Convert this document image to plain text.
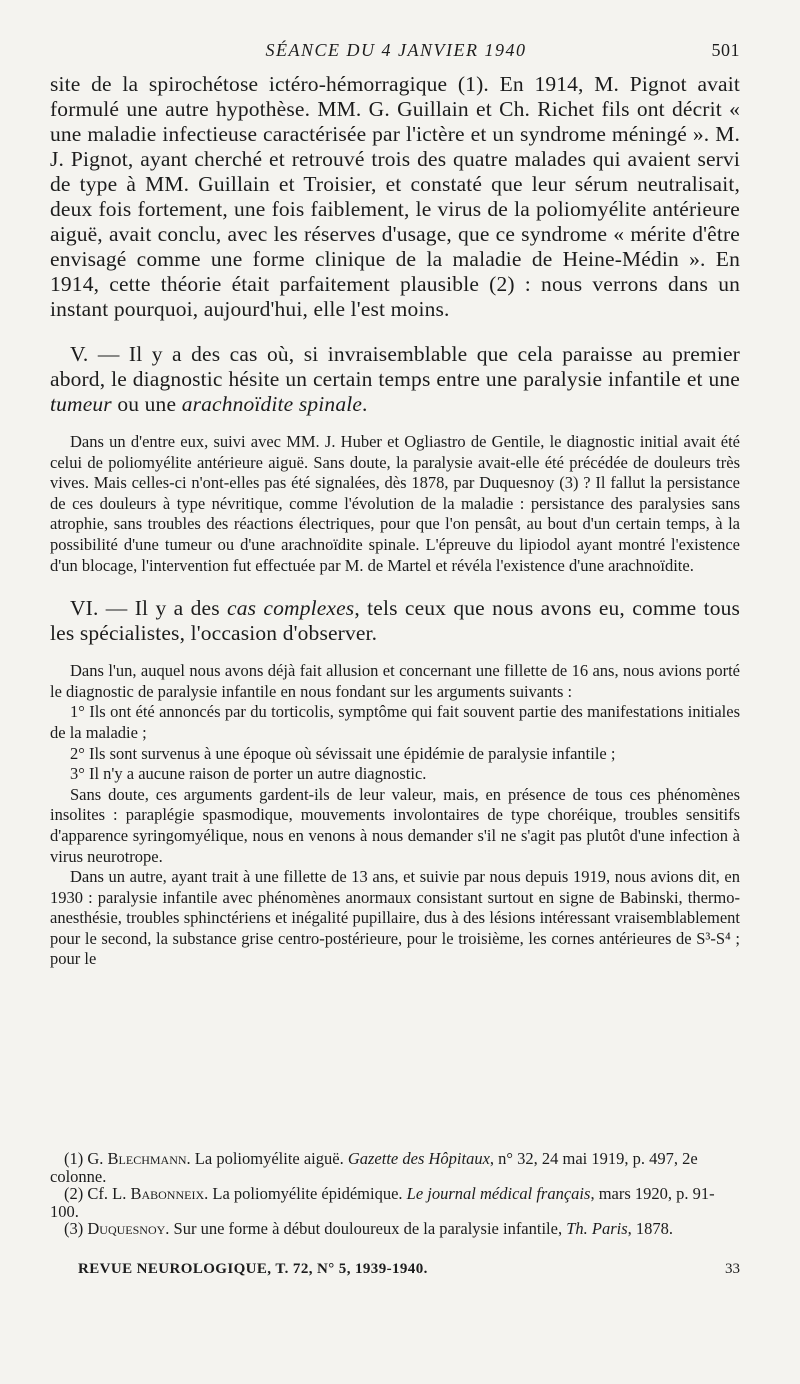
SÉANCE DU 4 JANVIER 1940	501

site de la spirochétose ictéro-hémorragique (1). En 1914, M. Pignot avait formulé une autre hypothèse. MM. G. Guillain et Ch. Richet fils ont décrit « une maladie infectieuse caractérisée par l'ictère et un syndrome méningé ». M. J. Pignot, ayant cherché et retrouvé trois des quatre malades qui avaient servi de type à MM. Guillain et Troisier, et constaté que leur sérum neutralisait, deux fois fortement, une fois faiblement, le virus de la poliomyélite antérieure aiguë, avait conclu, avec les réserves d'usage, que ce syndrome « mérite d'être envisagé comme une forme clinique de la maladie de Heine-Médin ». En 1914, cette théorie était parfaitement plausible (2) : nous verrons dans un instant pourquoi, aujourd'hui, elle l'est moins.

V. — Il y a des cas où, si invraisemblable que cela paraisse au premier abord, le diagnostic hésite un certain temps entre une paralysie infantile et une tumeur ou une arachnoïdite spinale.

Dans un d'entre eux, suivi avec MM. J. Huber et Ogliastro de Gentile, le diagnostic initial avait été celui de poliomyélite antérieure aiguë. Sans doute, la paralysie avait-elle été précédée de douleurs très vives. Mais celles-ci n'ont-elles pas été signalées, dès 1878, par Duquesnoy (3) ? Il fallut la persistance de ces douleurs à type névritique, comme l'évolution de la maladie : persistance des paralysies sans atrophie, sans troubles des réactions électriques, pour que l'on pensât, au bout d'un certain temps, à la possibilité d'une tumeur ou d'une arachnoïdite spinale. L'épreuve du lipiodol ayant montré l'existence d'un blocage, l'intervention fut effectuée par M. de Martel et révéla l'existence d'une arachnoïdite.

VI. — Il y a des cas complexes, tels ceux que nous avons eu, comme tous les spécialistes, l'occasion d'observer.

Dans l'un, auquel nous avons déjà fait allusion et concernant une fillette de 16 ans, nous avions porté le diagnostic de paralysie infantile en nous fondant sur les arguments suivants :

1° Ils ont été annoncés par du torticolis, symptôme qui fait souvent partie des manifestations initiales de la maladie ;

2° Ils sont survenus à une époque où sévissait une épidémie de paralysie infantile ;

3° Il n'y a aucune raison de porter un autre diagnostic.

Sans doute, ces arguments gardent-ils de leur valeur, mais, en présence de tous ces phénomènes insolites : paraplégie spasmodique, mouvements involontaires de type choréique, troubles sensitifs d'apparence syringomyélique, nous en venons à nous demander s'il ne s'agit pas plutôt d'une infection à virus neurotrope.

Dans un autre, ayant trait à une fillette de 13 ans, et suivie par nous depuis 1919, nous avions dit, en 1930 : paralysie infantile avec phénomènes anormaux consistant surtout en signe de Babinski, thermo-anesthésie, troubles sphinctériens et inégalité pupillaire, dus à des lésions intéressant vraisemblablement pour le second, la substance grise centro-postérieure, pour le troisième, les cornes antérieures de S³-S⁴ ; pour le

(1) G. Blechmann. La poliomyélite aiguë. Gazette des Hôpitaux, n° 32, 24 mai 1919, p. 497, 2e colonne.

(2) Cf. L. Babonneix. La poliomyélite épidémique. Le journal médical français, mars 1920, p. 91-100.

(3) Duquesnoy. Sur une forme à début douloureux de la paralysie infantile, Th. Paris, 1878.

REVUE NEUROLOGIQUE, T. 72, N° 5, 1939-1940.	33
